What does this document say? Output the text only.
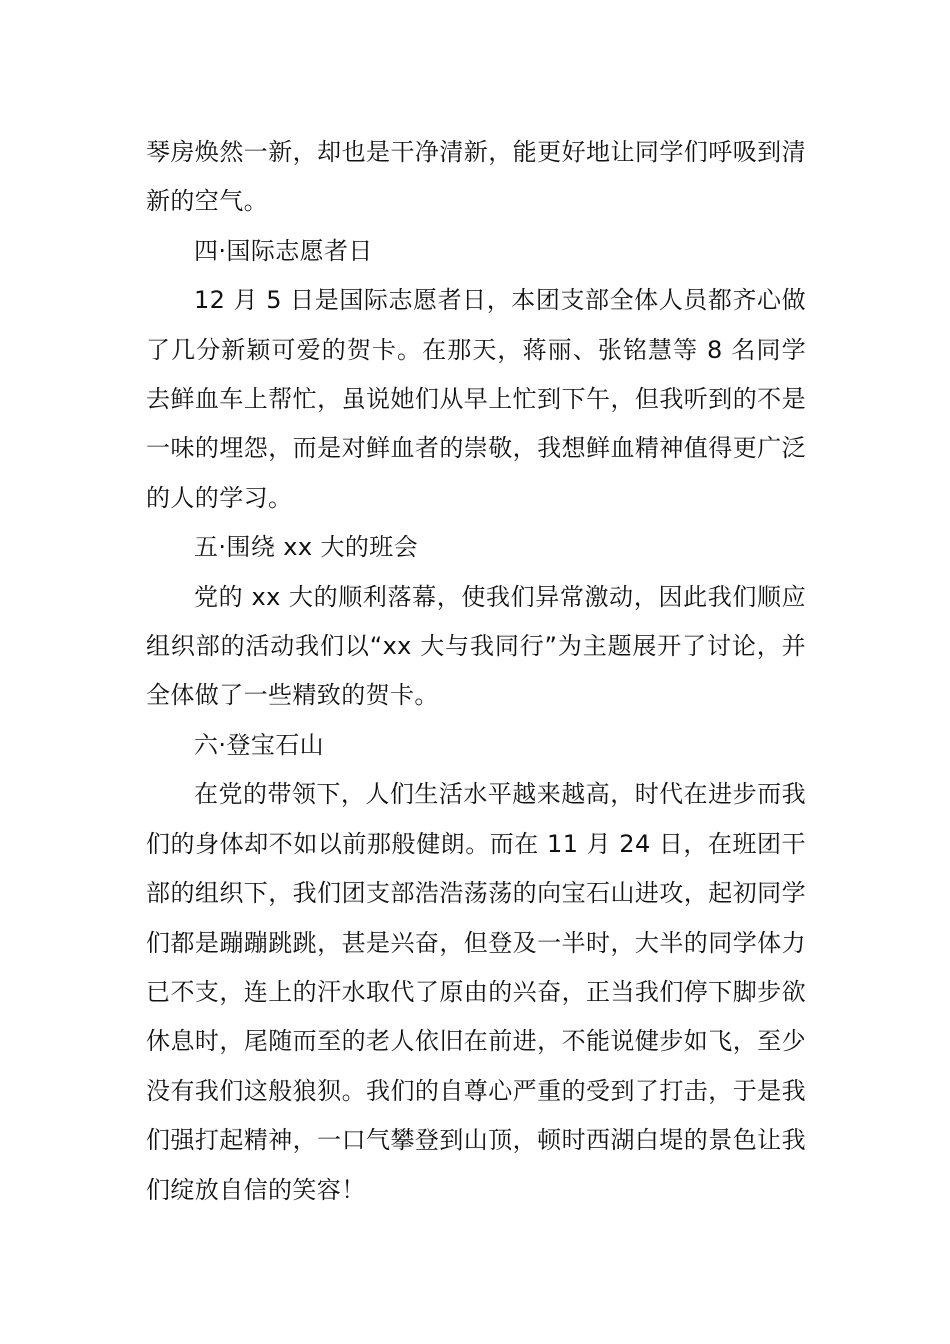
琴房焕然一新，却也是干净清新，能更好地让同学们呼吸到清新的空气。

四·国际志愿者日

12 月 5 日是国际志愿者日，本团支部全体人员都齐心做了几分新颖可爱的贺卡。在那天，蒋丽、张铭慧等 8 名同学去鲜血车上帮忙，虽说她们从早上忙到下午，但我听到的不是一味的埋怨，而是对鲜血者的崇敬，我想鲜血精神值得更广泛的人的学习。

五·围绕 xx 大的班会

党的 xx 大的顺利落幕，使我们异常激动，因此我们顺应组织部的活动我们以“xx 大与我同行”为主题展开了讨论，并全体做了一些精致的贺卡。

六·登宝石山

在党的带领下，人们生活水平越来越高，时代在进步而我们的身体却不如以前那般健朗。而在 11 月 24 日，在班团干部的组织下，我们团支部浩浩荡荡的向宝石山进攻，起初同学们都是蹦蹦跳跳，甚是兴奋，但登及一半时，大半的同学体力已不支，连上的汗水取代了原由的兴奋，正当我们停下脚步欲休息时，尾随而至的老人依旧在前进，不能说健步如飞，至少没有我们这般狼狈。我们的自尊心严重的受到了打击，于是我们强打起精神，一口气攀登到山顶，顿时西湖白堤的景色让我们绽放自信的笑容！
